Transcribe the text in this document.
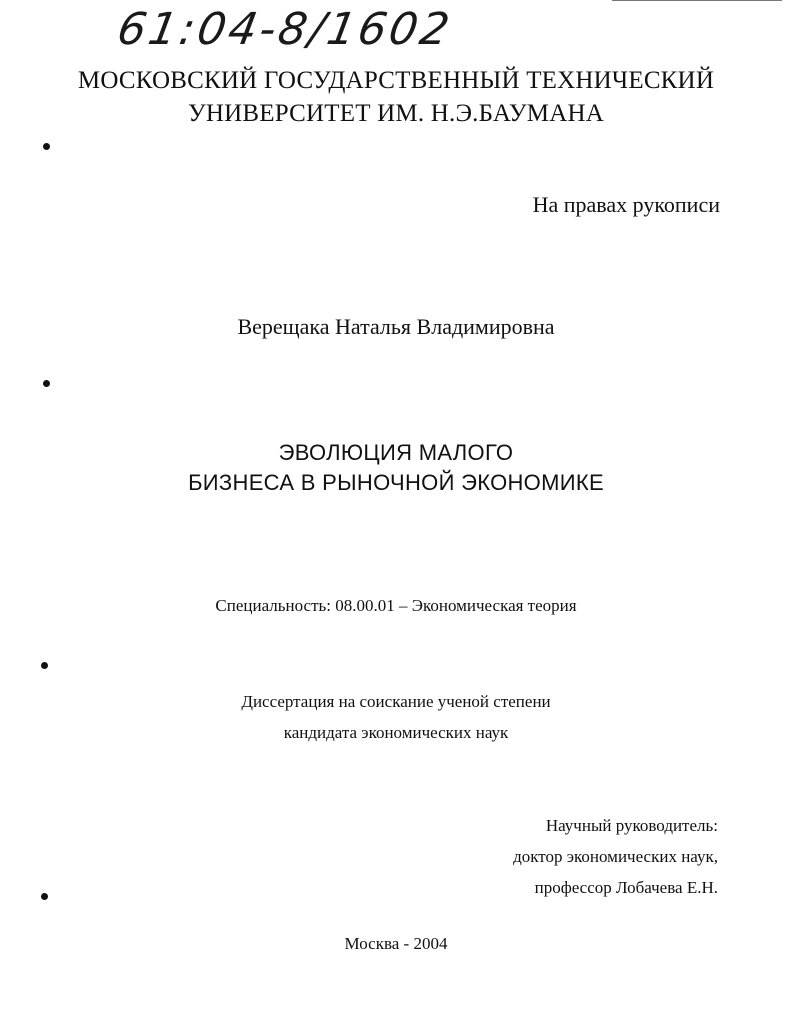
61:04-8/1602
МОСКОВСКИЙ ГОСУДАРСТВЕННЫЙ ТЕХНИЧЕСКИЙ
УНИВЕРСИТЕТ ИМ. Н.Э.БАУМАНА
На правах рукописи
Верещака Наталья Владимировна
ЭВОЛЮЦИЯ МАЛОГО
БИЗНЕСА В РЫНОЧНОЙ ЭКОНОМИКЕ
Специальность: 08.00.01 – Экономическая теория
Диссертация на соискание ученой степени
кандидата экономических наук
Научный руководитель:
доктор экономических наук,
профессор Лобачева Е.Н.
Москва - 2004
